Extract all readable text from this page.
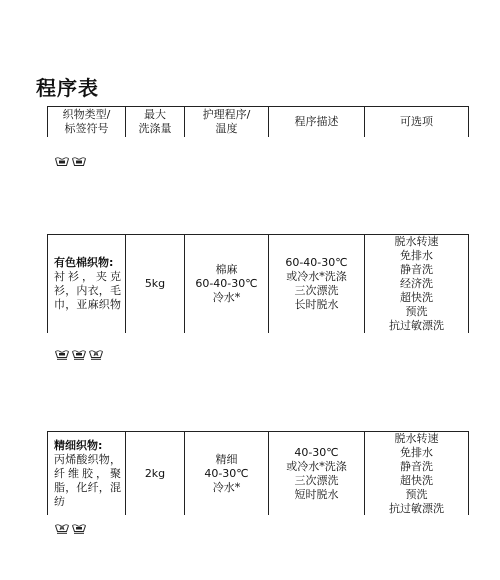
程序表
织物类型/
标签符号
最大
洗涤量
护理程序/
温度
程序描述	可选项
有色棉织物:
衬衫，夹克
衫，内衣，毛
巾，亚麻织物
5kg
棉麻
60-40-30℃
冷水*
60-40-30℃
或冷水*洗涤
三次漂洗
长时脱水
脱水转速
免排水
静音洗
经济洗
超快洗
预洗
抗过敏漂洗
精细织物:
丙烯酸织物，
纤维胶，聚
脂，化纤，混
纺
2kg
精细
40-30℃
冷水*
40-30℃
或冷水*洗涤
三次漂洗
短时脱水
脱水转速
免排水
静音洗
超快洗
预洗
抗过敏漂洗
